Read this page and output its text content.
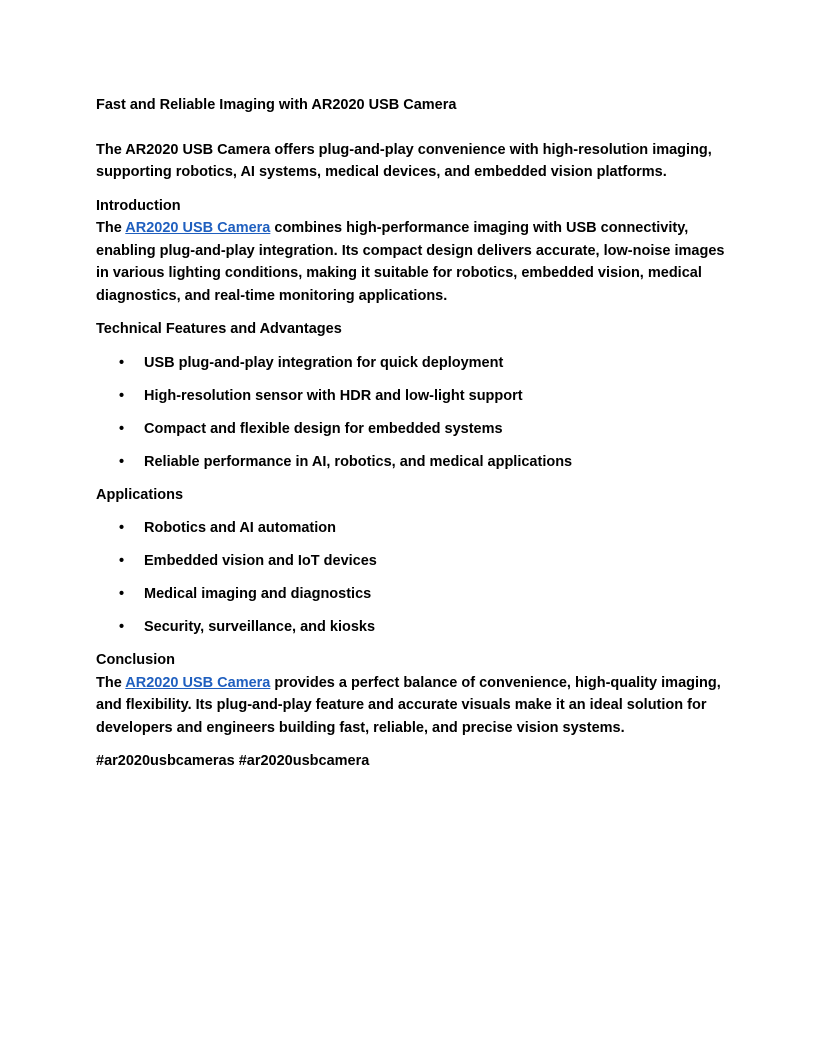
Fast and Reliable Imaging with AR2020 USB Camera

The AR2020 USB Camera offers plug-and-play convenience with high-resolution imaging, supporting robotics, AI systems, medical devices, and embedded vision platforms.

Introduction

The AR2020 USB Camera combines high-performance imaging with USB connectivity, enabling plug-and-play integration. Its compact design delivers accurate, low-noise images in various lighting conditions, making it suitable for robotics, embedded vision, medical diagnostics, and real-time monitoring applications.

Technical Features and Advantages

• USB plug-and-play integration for quick deployment
• High-resolution sensor with HDR and low-light support
• Compact and flexible design for embedded systems
• Reliable performance in AI, robotics, and medical applications

Applications

• Robotics and AI automation
• Embedded vision and IoT devices
• Medical imaging and diagnostics
• Security, surveillance, and kiosks

Conclusion

The AR2020 USB Camera provides a perfect balance of convenience, high-quality imaging, and flexibility. Its plug-and-play feature and accurate visuals make it an ideal solution for developers and engineers building fast, reliable, and precise vision systems.

#ar2020usbcameras #ar2020usbcamera
